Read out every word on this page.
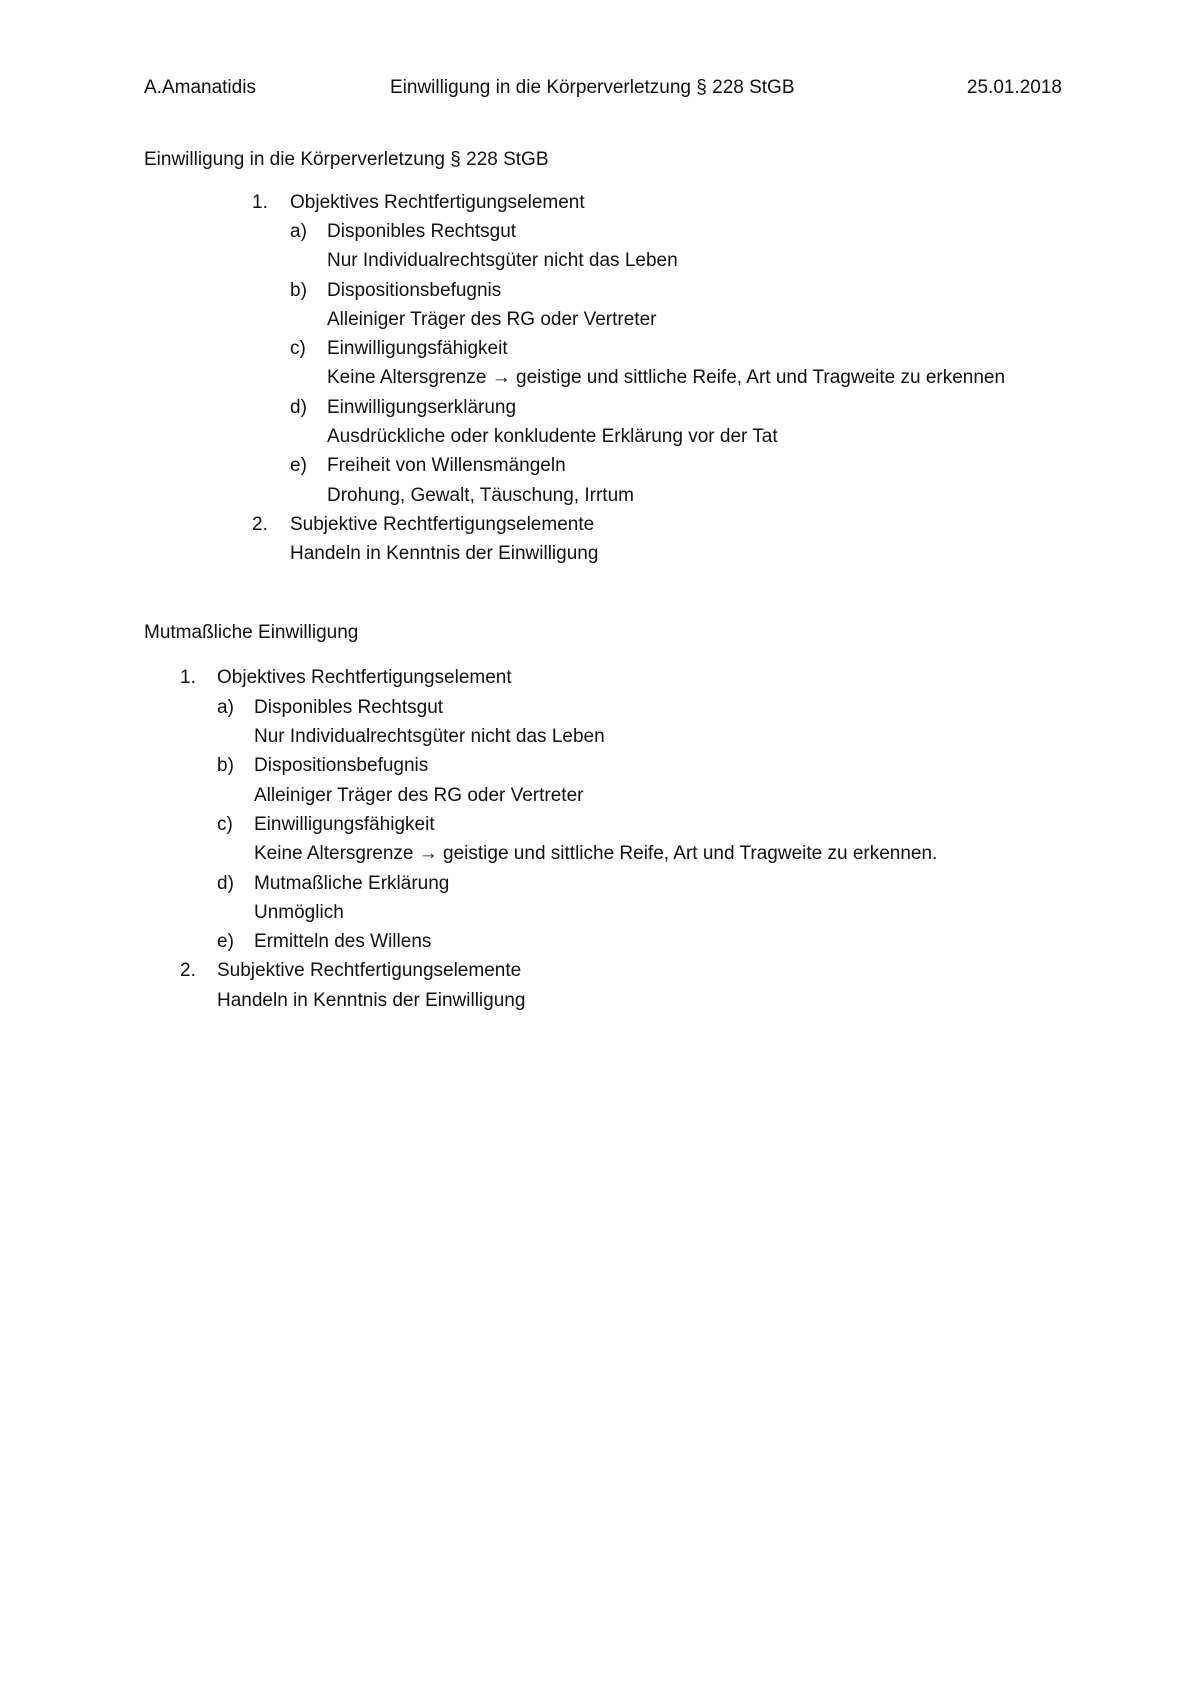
A.Amanatidis	Einwilligung in die Körperverletzung § 228 StGB	25.01.2018
Einwilligung in die Körperverletzung § 228 StGB
1. Objektives Rechtfertigungselement
a) Disponibles Rechtsgut
Nur Individualrechtsgüter nicht das Leben
b) Dispositionsbefugnis
Alleiniger Träger des RG oder Vertreter
c) Einwilligungsfähigkeit
Keine Altersgrenze → geistige und sittliche Reife, Art und Tragweite zu erkennen
d) Einwilligungserklärung
Ausdrückliche oder konkludente Erklärung vor der Tat
e) Freiheit von Willensmängeln
Drohung, Gewalt, Täuschung, Irrtum
2. Subjektive Rechtfertigungselemente
Handeln in Kenntnis der Einwilligung
Mutmaßliche Einwilligung
1. Objektives Rechtfertigungselement
a) Disponibles Rechtsgut
Nur Individualrechtsgüter nicht das Leben
b) Dispositionsbefugnis
Alleiniger Träger des RG oder Vertreter
c) Einwilligungsfähigkeit
Keine Altersgrenze → geistige und sittliche Reife, Art und Tragweite zu erkennen.
d) Mutmaßliche Erklärung
Unmöglich
e) Ermitteln des Willens
2. Subjektive Rechtfertigungselemente
Handeln in Kenntnis der Einwilligung
